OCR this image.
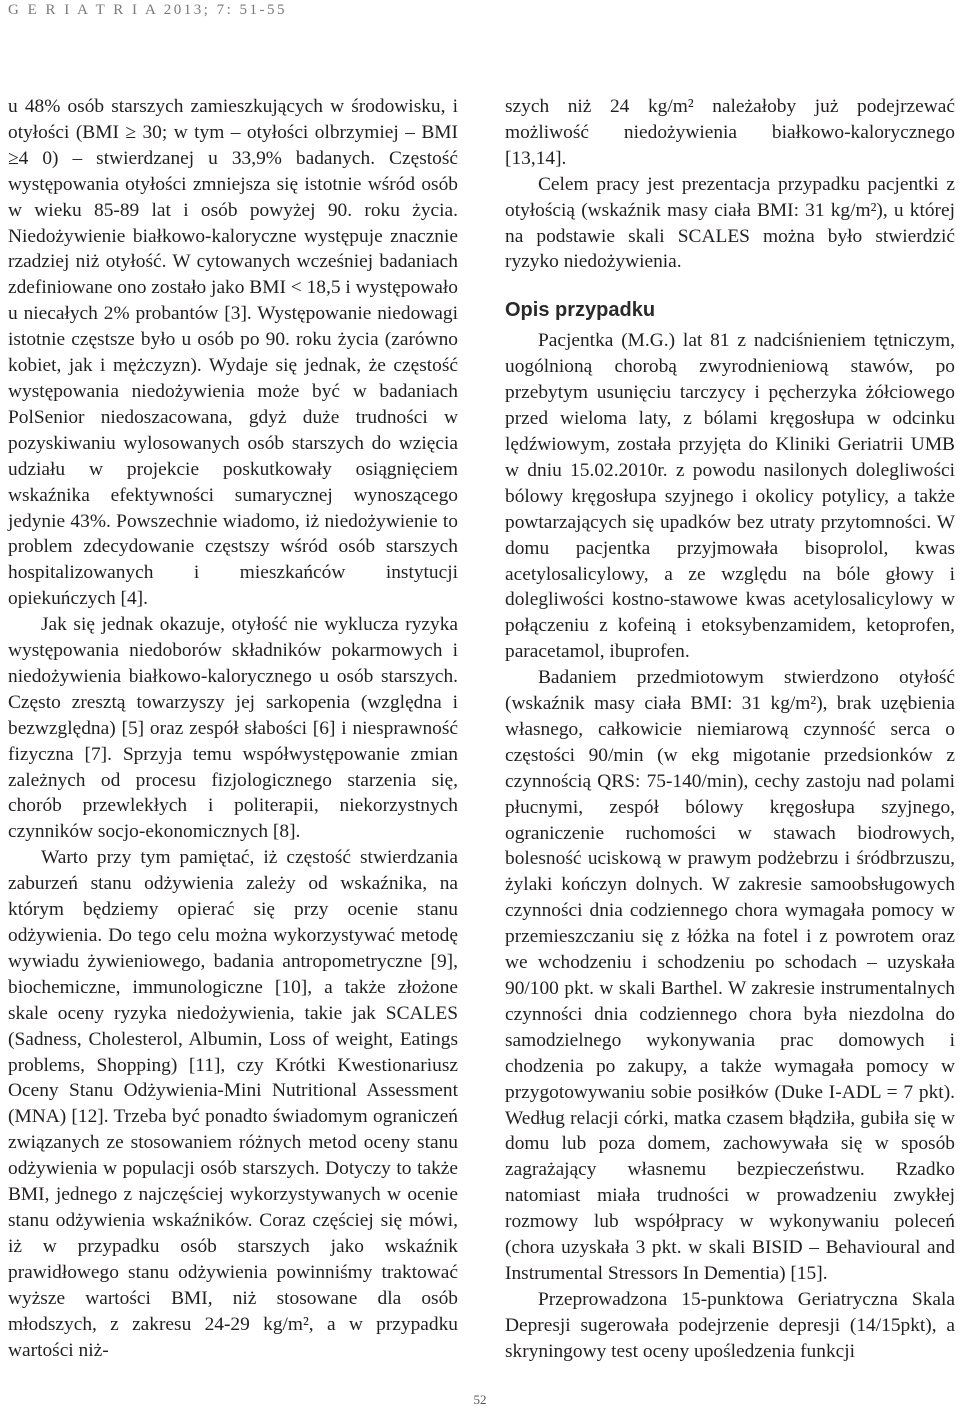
G E R I A T R I A 2013; 7: 51-55

u 48% osób starszych zamieszkujących w środowisku, i otyłości (BMI ≥ 30; w tym – otyłości olbrzymiej – BMI ≥4 0) – stwierdzanej u 33,9% badanych. Częstość występowania otyłości zmniejsza się istotnie wśród osób w wieku 85-89 lat i osób powyżej 90. roku życia. Niedożywienie białkowo-kaloryczne występuje znacznie rzadziej niż otyłość. W cytowanych wcześniej badaniach zdefiniowane ono zostało jako BMI < 18,5 i występowało u niecałych 2% probantów [3]. Występowanie niedowagi istotnie częstsze było u osób po 90. roku życia (zarówno kobiet, jak i mężczyzn). Wydaje się jednak, że częstość występowania niedożywienia może być w badaniach PolSenior niedoszacowana, gdyż duże trudności w pozyskiwaniu wylosowanych osób starszych do wzięcia udziału w projekcie poskutkowały osiągnięciem wskaźnika efektywności sumarycznej wynoszącego jedynie 43%. Powszechnie wiadomo, iż niedożywienie to problem zdecydowanie częstszy wśród osób starszych hospitalizowanych i mieszkańców instytucji opiekuńczych [4].

Jak się jednak okazuje, otyłość nie wyklucza ryzyka występowania niedoborów składników pokarmowych i niedożywienia białkowo-kalorycznego u osób starszych. Często zresztą towarzyszy jej sarkopenia (względna i bezwzględna) [5] oraz zespół słabości [6] i niesprawność fizyczna [7]. Sprzyja temu współwystępowanie zmian zależnych od procesu fizjologicznego starzenia się, chorób przewlekłych i politerapii, niekorzystnych czynników socjo-ekonomicznych [8].

Warto przy tym pamiętać, iż częstość stwierdzania zaburzeń stanu odżywienia zależy od wskaźnika, na którym będziemy opierać się przy ocenie stanu odżywienia. Do tego celu można wykorzystywać metodę wywiadu żywieniowego, badania antropometryczne [9], biochemiczne, immunologiczne [10], a także złożone skale oceny ryzyka niedożywienia, takie jak SCALES (Sadness, Cholesterol, Albumin, Loss of weight, Eatings problems, Shopping) [11], czy Krótki Kwestionariusz Oceny Stanu Odżywienia-Mini Nutritional Assessment (MNA) [12]. Trzeba być ponadto świadomym ograniczeń związanych ze stosowaniem różnych metod oceny stanu odżywienia w populacji osób starszych. Dotyczy to także BMI, jednego z najczęściej wykorzystywanych w ocenie stanu odżywienia wskaźników. Coraz częściej się mówi, iż w przypadku osób starszych jako wskaźnik prawidłowego stanu odżywienia powinniśmy traktować wyższe wartości BMI, niż stosowane dla osób młodszych, z zakresu 24-29 kg/m², a w przypadku wartości niż-

szych niż 24 kg/m² należałoby już podejrzewać możliwość niedożywienia białkowo-kalorycznego [13,14].

Celem pracy jest prezentacja przypadku pacjentki z otyłością (wskaźnik masy ciała BMI: 31 kg/m²), u której na podstawie skali SCALES można było stwierdzić ryzyko niedożywienia.

Opis przypadku

Pacjentka (M.G.) lat 81 z nadciśnieniem tętniczym, uogólnioną chorobą zwyrodnieniową stawów, po przebytym usunięciu tarczycy i pęcherzyka żółciowego przed wieloma laty, z bólami kręgosłupa w odcinku lędźwiowym, została przyjęta do Kliniki Geriatrii UMB w dniu 15.02.2010r. z powodu nasilonych dolegliwości bólowy kręgosłupa szyjnego i okolicy potylicy, a także powtarzających się upadków bez utraty przytomności. W domu pacjentka przyjmowała bisoprolol, kwas acetylosalicylowy, a ze względu na bóle głowy i dolegliwości kostno-stawowe kwas acetylosalicylowy w połączeniu z kofeiną i etoksybenzamidem, ketoprofen, paracetamol, ibuprofen.

Badaniem przedmiotowym stwierdzono otyłość (wskaźnik masy ciała BMI: 31 kg/m²), brak uzębienia własnego, całkowicie niemiarową czynność serca o częstości 90/min (w ekg migotanie przedsionków z czynnością QRS: 75-140/min), cechy zastoju nad polami płucnymi, zespół bólowy kręgosłupa szyjnego, ograniczenie ruchomości w stawach biodrowych, bolesność uciskową w prawym podżebrzu i śródbrzuszu, żylaki kończyn dolnych. W zakresie samoobsługowych czynności dnia codziennego chora wymagała pomocy w przemieszczaniu się z łóżka na fotel i z powrotem oraz we wchodzeniu i schodzeniu po schodach – uzyskała 90/100 pkt. w skali Barthel. W zakresie instrumentalnych czynności dnia codziennego chora była niezdolna do samodzielnego wykonywania prac domowych i chodzenia po zakupy, a także wymagała pomocy w przygotowywaniu sobie posiłków (Duke I-ADL = 7 pkt). Według relacji córki, matka czasem błądziła, gubiła się w domu lub poza domem, zachowywała się w sposób zagrażający własnemu bezpieczeństwu. Rzadko natomiast miała trudności w prowadzeniu zwykłej rozmowy lub współpracy w wykonywaniu poleceń (chora uzyskała 3 pkt. w skali BISID – Behavioural and Instrumental Stressors In Dementia) [15].

Przeprowadzona 15-punktowa Geriatryczna Skala Depresji sugerowała podejrzenie depresji (14/15pkt), a skryningowy test oceny upośledzenia funkcji

52
